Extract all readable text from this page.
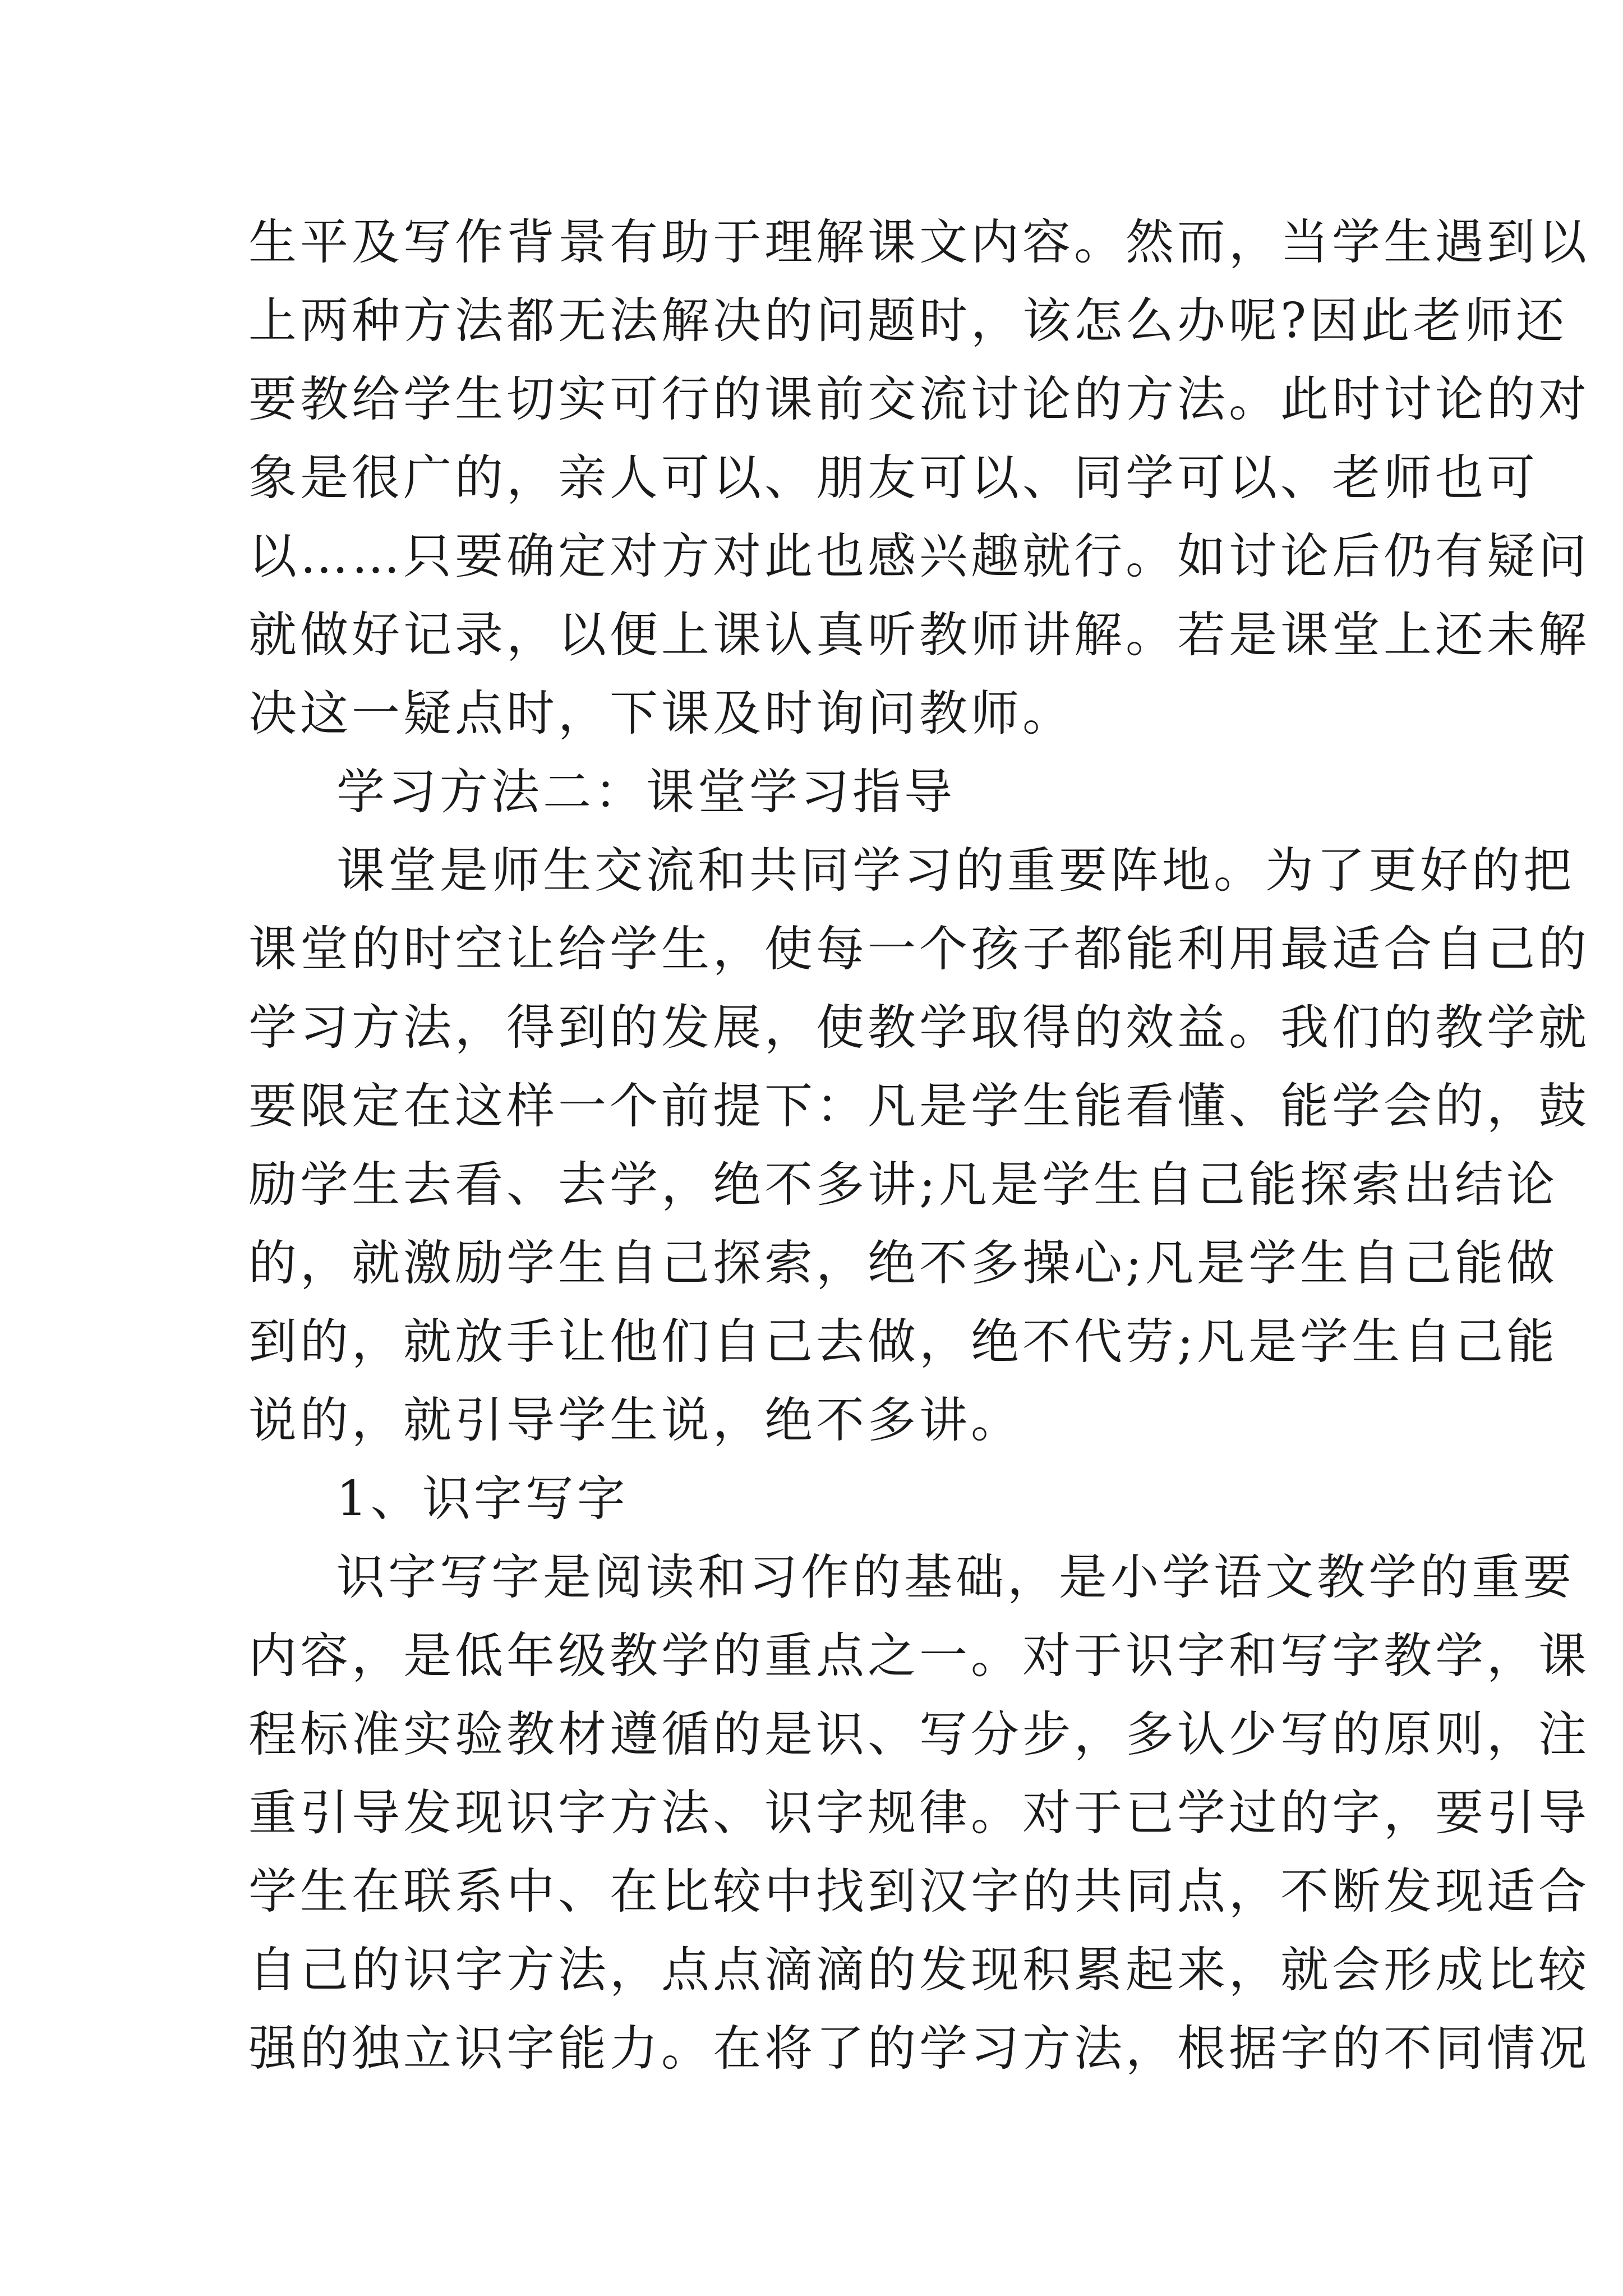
生平及写作背景有助于理解课文内容。然而，当学生遇到以
上两种方法都无法解决的问题时，该怎么办呢?因此老师还
要教给学生切实可行的课前交流讨论的方法。此时讨论的对
象是很广的，亲人可以、朋友可以、同学可以、老师也可
以……只要确定对方对此也感兴趣就行。如讨论后仍有疑问
就做好记录，以便上课认真听教师讲解。若是课堂上还未解
决这一疑点时，下课及时询问教师。
学习方法二：课堂学习指导
课堂是师生交流和共同学习的重要阵地。为了更好的把
课堂的时空让给学生，使每一个孩子都能利用最适合自己的
学习方法，得到的发展，使教学取得的效益。我们的教学就
要限定在这样一个前提下：凡是学生能看懂、能学会的，鼓
励学生去看、去学，绝不多讲;凡是学生自己能探索出结论
的，就激励学生自己探索，绝不多操心;凡是学生自己能做
到的，就放手让他们自己去做，绝不代劳;凡是学生自己能
说的，就引导学生说，绝不多讲。
1、识字写字
识字写字是阅读和习作的基础，是小学语文教学的重要
内容，是低年级教学的重点之一。对于识字和写字教学，课
程标准实验教材遵循的是识、写分步，多认少写的原则，注
重引导发现识字方法、识字规律。对于已学过的字，要引导
学生在联系中、在比较中找到汉字的共同点，不断发现适合
自己的识字方法，点点滴滴的发现积累起来，就会形成比较
强的独立识字能力。在将了的学习方法，根据字的不同情况
